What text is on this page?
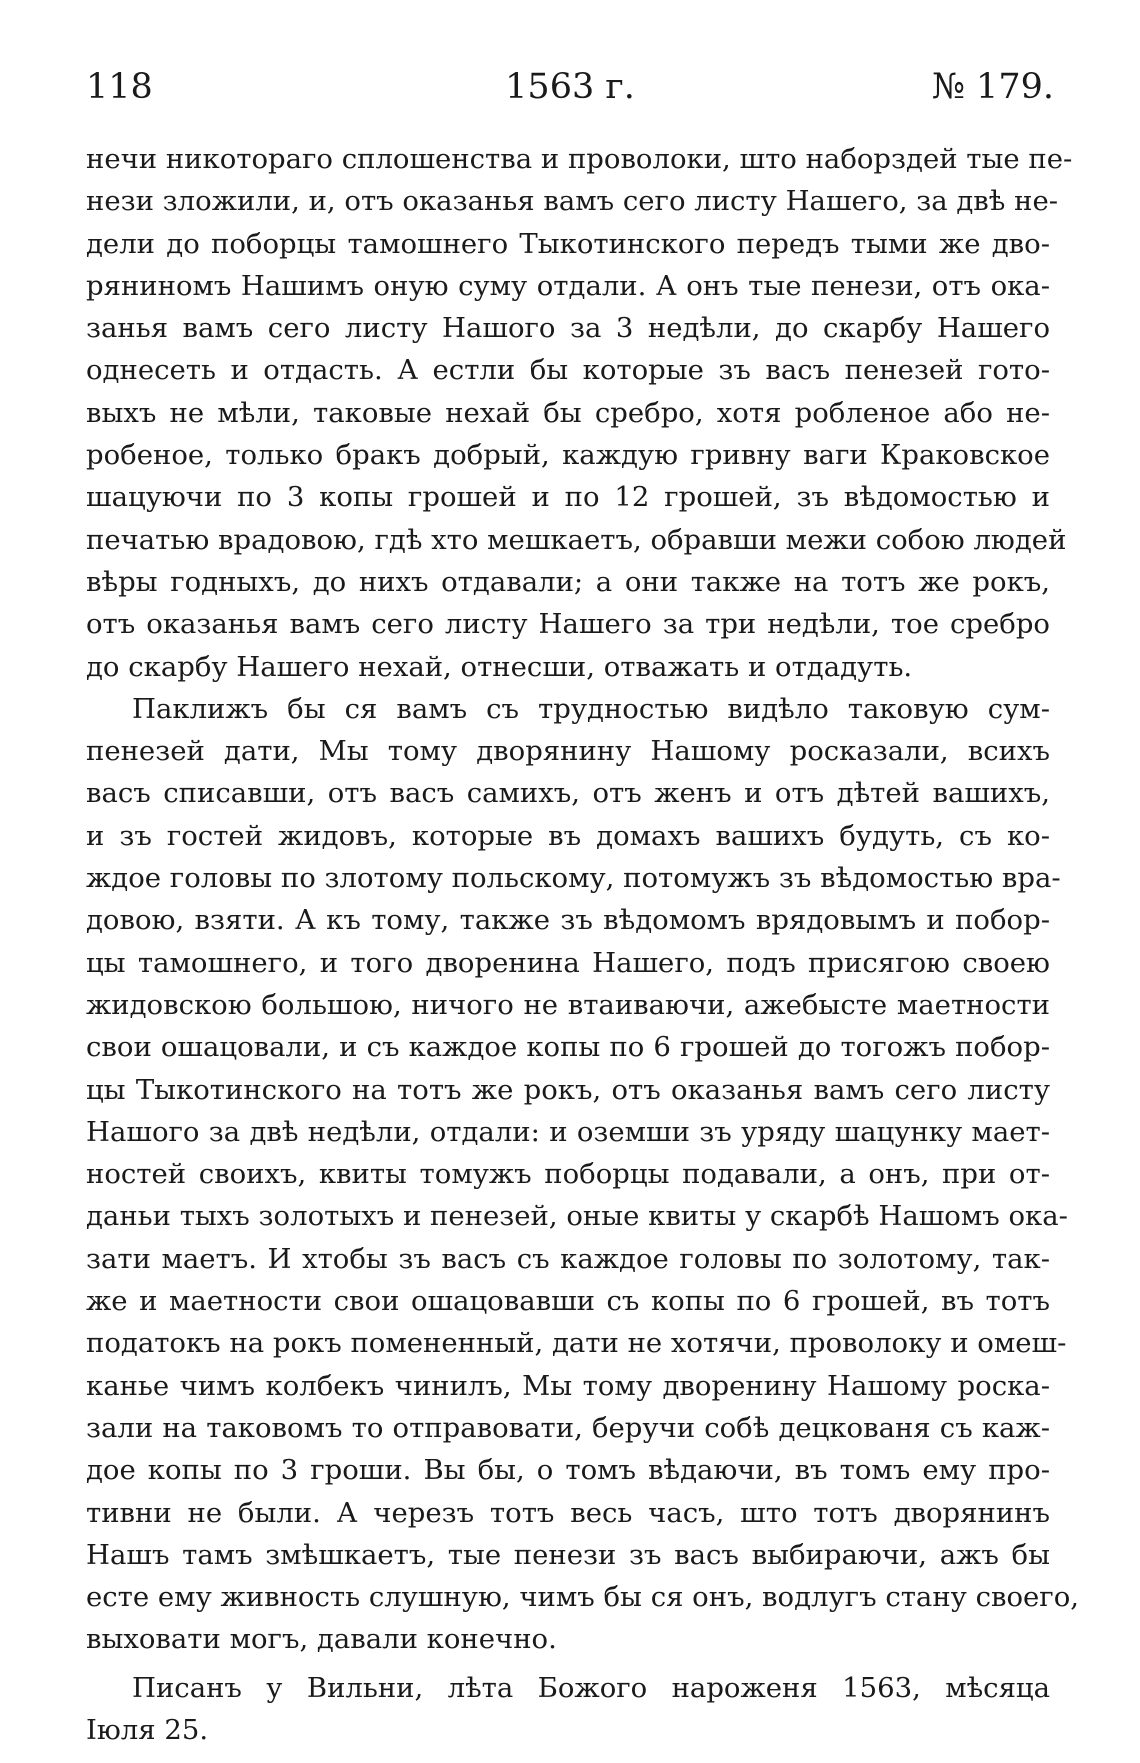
118	1563 г.	№ 179.

нечи никотораго сплошенства и проволоки, што наборздей тые пе-
нези зложили, и, отъ оказанья вамъ сего листу Нашего, за двѣ не-
дели до поборцы тамошнего Тыкотинского передъ тыми же дво-
ряниномъ Нашимъ оную суму отдали. А онъ тые пенези, отъ ока-
занья вамъ сего листу Нашого за 3 недѣли, до скарбу Нашего
однесеть и отдасть. А естли бы которые зъ васъ пенезей гото-
выхъ не мѣли, таковые нехай бы сребро, хотя робленое або не-
робеное, только бракъ добрый, каждую гривну ваги Краковское
шацуючи по 3 копы грошей и по 12 грошей, зъ вѣдомостью и
печатью врадовою, гдѣ хто мешкаетъ, обравши межи собою людей
вѣры годныхъ, до нихъ отдавали; а они также на тотъ же рокъ,
отъ оказанья вамъ сего листу Нашего за три недѣли, тое сребро
до скарбу Нашего нехай, отнесши, отважать и отдадуть.

Паклижъ бы ся вамъ съ трудностью видѣло таковую сум-
пенезей дати, Мы тому дворянину Нашому росказали, всихъ
васъ списавши, отъ васъ самихъ, отъ женъ и отъ дѣтей вашихъ,
и зъ гостей жидовъ, которые въ домахъ вашихъ будуть, съ ко-
ждое головы по злотому польскому, потомужъ зъ вѣдомостью вра-
довою, взяти. А къ тому, также зъ вѣдомомъ врядовымъ и побор-
цы тамошнего, и того дворенина Нашего, подъ присягою своею
жидовскою большою, ничого не втаиваючи, ажебысте маетности
свои ошацовали, и съ каждое копы по 6 грошей до тогожъ побор-
цы Тыкотинского на тотъ же рокъ, отъ оказанья вамъ сего листу
Нашого за двѣ недѣли, отдали: и оземши зъ уряду шацунку мает-
ностей своихъ, квиты томужъ поборцы подавали, а онъ, при от-
даньи тыхъ золотыхъ и пенезей, оные квиты у скарбѣ Нашомъ ока-
зати маетъ. И хтобы зъ васъ съ каждое головы по золотому, так-
же и маетности свои ошацовавши съ копы по 6 грошей, въ тотъ
податокъ на рокъ помененный, дати не хотячи, проволоку и омеш-
канье чимъ колбекъ чинилъ, Мы тому дворенину Нашому роска-
зали на таковомъ то отправовати, беручи собѣ децкованя съ каж-
дое копы по 3 гроши. Вы бы, о томъ вѣдаючи, въ томъ ему про-
тивни не были. А черезъ тотъ весь часъ, што тотъ дворянинъ
Нашъ тамъ змѣшкаетъ, тые пенези зъ васъ выбираючи, ажъ бы
есте ему живность слушную, чимъ бы ся онъ, водлугъ стану своего,
выховати могъ, давали конечно.

Писанъ у Вильни, лѣта Божого нароженя 1563, мѣсяца
Іюля 25.
